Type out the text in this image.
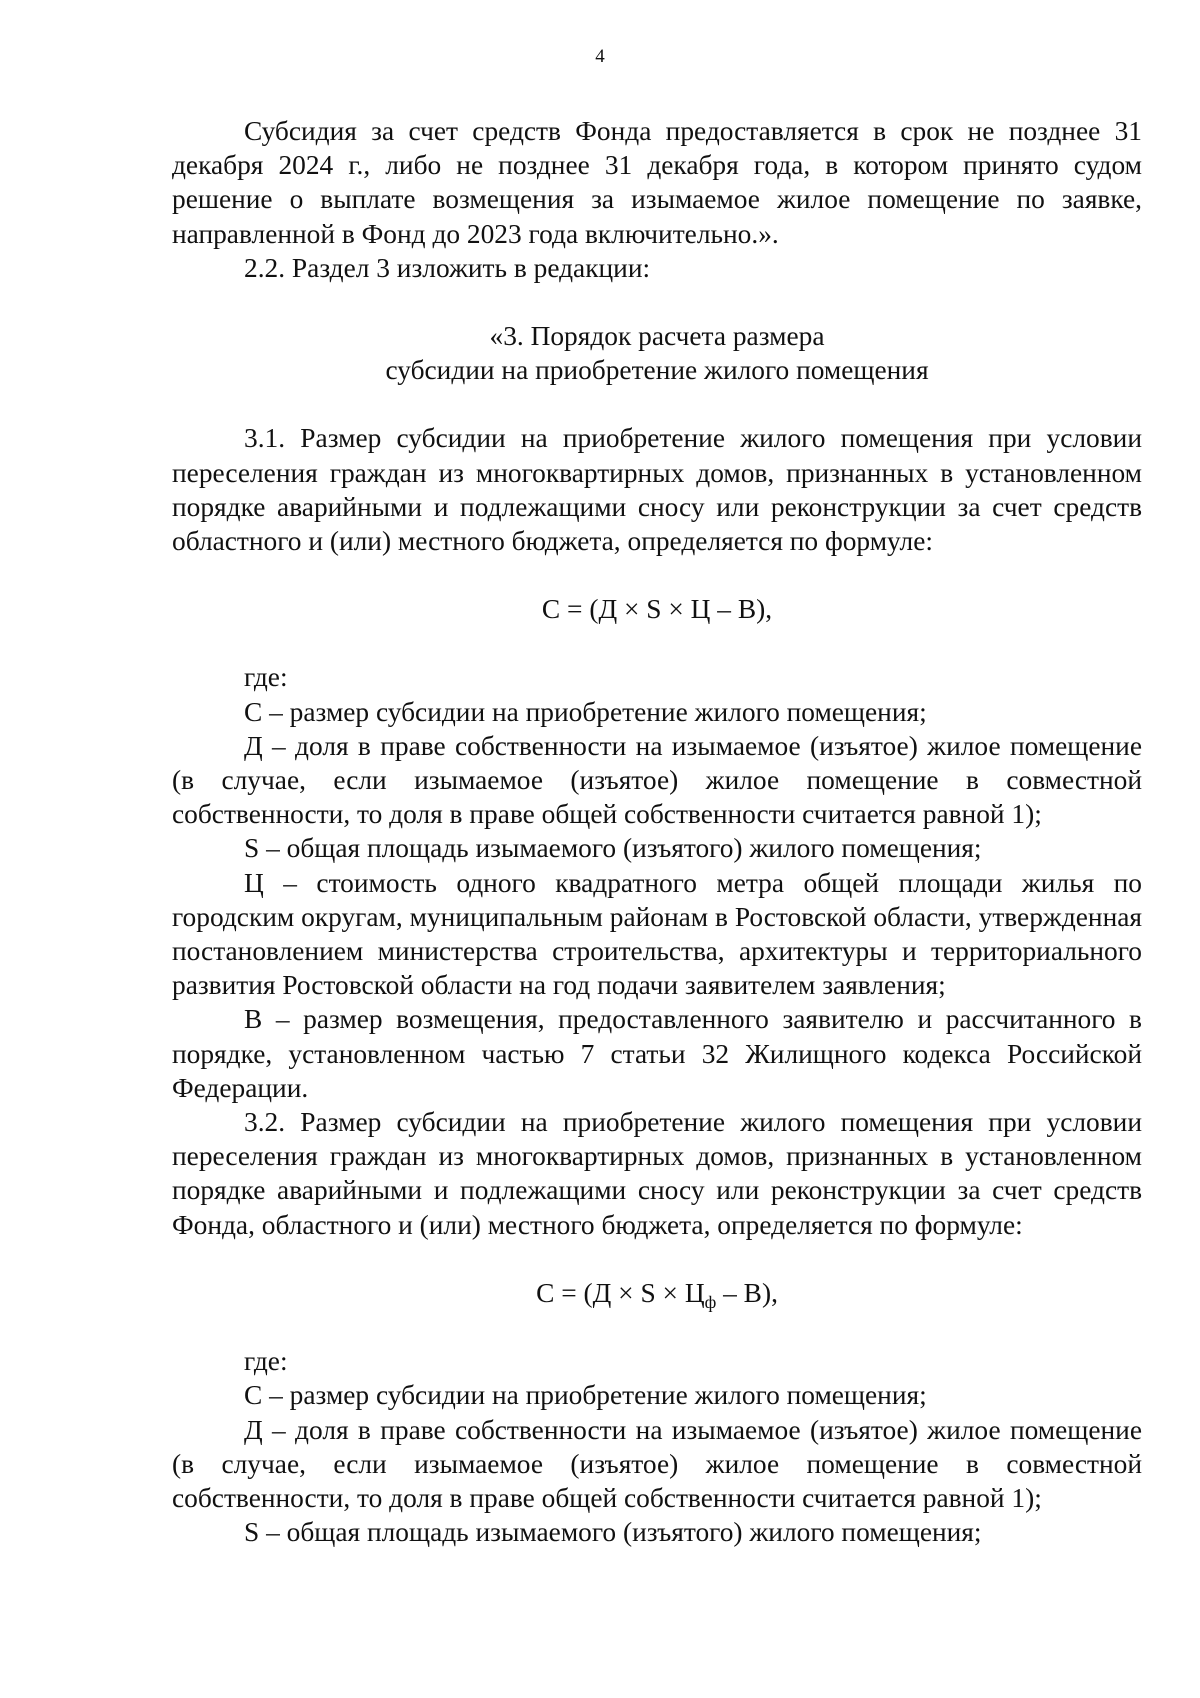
4

Субсидия за счет средств Фонда предоставляется в срок не позднее 31 декабря 2024 г., либо не позднее 31 декабря года, в котором принято судом решение о выплате возмещения за изымаемое жилое помещение по заявке, направленной в Фонд до 2023 года включительно.».

2.2. Раздел 3 изложить в редакции:

«3. Порядок расчета размера
субсидии на приобретение жилого помещения

3.1. Размер субсидии на приобретение жилого помещения при условии переселения граждан из многоквартирных домов, признанных в установленном порядке аварийными и подлежащими сносу или реконструкции за счет средств областного и (или) местного бюджета, определяется по формуле:

С = (Д × S × Ц – В),

где:

С – размер субсидии на приобретение жилого помещения;

Д – доля в праве собственности на изымаемое (изъятое) жилое помещение (в случае, если изымаемое (изъятое) жилое помещение в совместной собственности, то доля в праве общей собственности считается равной 1);

S – общая площадь изымаемого (изъятого) жилого помещения;

Ц – стоимость одного квадратного метра общей площади жилья по городским округам, муниципальным районам в Ростовской области, утвержденная постановлением министерства строительства, архитектуры и территориального развития Ростовской области на год подачи заявителем заявления;

В – размер возмещения, предоставленного заявителю и рассчитанного в порядке, установленном частью 7 статьи 32 Жилищного кодекса Российской Федерации.

3.2. Размер субсидии на приобретение жилого помещения при условии переселения граждан из многоквартирных домов, признанных в установленном порядке аварийными и подлежащими сносу или реконструкции за счет средств Фонда, областного и (или) местного бюджета, определяется по формуле:

$С = (Д \times S \times Ц_ф - В)$,

где:

С – размер субсидии на приобретение жилого помещения;

Д – доля в праве собственности на изымаемое (изъятое) жилое помещение (в случае, если изымаемое (изъятое) жилое помещение в совместной собственности, то доля в праве общей собственности считается равной 1);

S – общая площадь изымаемого (изъятого) жилого помещения;
